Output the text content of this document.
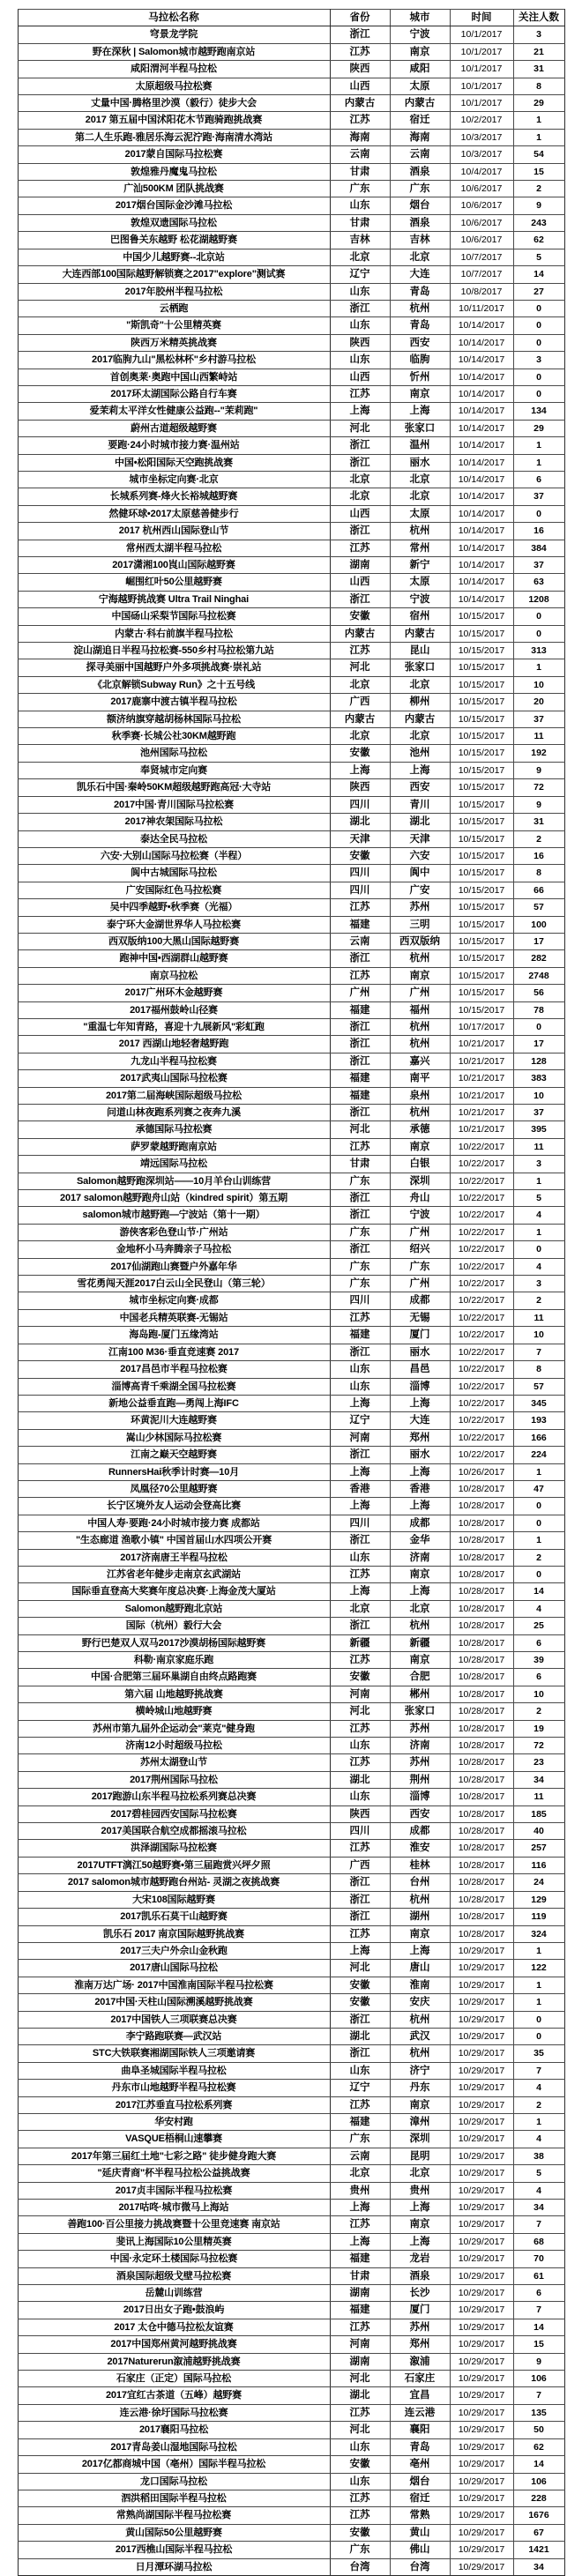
马拉松名称	省份	城市	时间	关注人数
穹景龙学院	浙江	宁波	10/1/2017	3
野在深秋 | Salomon城市越野跑南京站	江苏	南京	10/1/2017	21
咸阳渭河半程马拉松	陕西	咸阳	10/1/2017	31
太原超级马拉松赛	山西	太原	10/1/2017	8
丈量中国·腾格里沙漠（毅行）徒步大会	内蒙古	内蒙古	10/1/2017	29
2017 第五届中国沭阳花木节跑骑跑挑战赛	江苏	宿迁	10/2/2017	1
第二人生乐跑-雅居乐海云泥泞跑·海南清水湾站	海南	海南	10/3/2017	1
2017蒙自国际马拉松赛	云南	云南	10/3/2017	54
敦煌雅丹魔鬼马拉松	甘肃	酒泉	10/4/2017	15
广汕500KM 团队挑战赛	广东	广东	10/6/2017	2
2017烟台国际金沙滩马拉松	山东	烟台	10/6/2017	9
敦煌双遗国际马拉松	甘肃	酒泉	10/6/2017	243
巴图鲁关东越野 松花湖越野赛	吉林	吉林	10/6/2017	62
中国少儿越野赛--北京站	北京	北京	10/7/2017	5
大连西部100国际越野解锁赛之2017"explore"测试赛	辽宁	大连	10/7/2017	14
2017年胶州半程马拉松	山东	青岛	10/8/2017	27
云栖跑	浙江	杭州	10/11/2017	0
"斯凯奇"十公里精英赛	山东	青岛	10/14/2017	0
陕西万米精英挑战赛	陕西	西安	10/14/2017	0
2017临朐九山"黑松林杯"乡村游马拉松	山东	临朐	10/14/2017	3
首创奥莱·奥跑中国山西繁峙站	山西	忻州	10/14/2017	0
2017环太湖国际公路自行车赛	江苏	南京	10/14/2017	0
爱茉莉太平洋女性健康公益跑--"茉莉跑"	上海	上海	10/14/2017	134
蔚州古道超级越野赛	河北	张家口	10/14/2017	29
要跑·24小时城市接力赛·温州站	浙江	温州	10/14/2017	1
中国•松阳国际天空跑挑战赛	浙江	丽水	10/14/2017	1
城市坐标定向赛·北京	北京	北京	10/14/2017	6
长城系列赛-烽火长裕城越野赛	北京	北京	10/14/2017	37
然健环球•2017太原慈善健步行	山西	太原	10/14/2017	0
2017 杭州西山国际登山节	浙江	杭州	10/14/2017	16
常州西太湖半程马拉松	江苏	常州	10/14/2017	384
2017潇湘100崀山国际越野赛	湖南	新宁	10/14/2017	37
崛围红叶50公里越野赛	山西	太原	10/14/2017	63
宁海越野挑战赛 Ultra Trail Ninghai	浙江	宁波	10/14/2017	1208
中国砀山采梨节国际马拉松赛	安徽	宿州	10/15/2017	0
内蒙古·科右前旗半程马拉松	内蒙古	内蒙古	10/15/2017	0
淀山湖追日半程马拉松赛-550乡村马拉松第九站	江苏	昆山	10/15/2017	313
探寻美丽中国越野户外多项挑战赛·崇礼站	河北	张家口	10/15/2017	1
《北京解锁Subway Run》之十五号线	北京	北京	10/15/2017	10
2017鹿寨中渡古镇半程马拉松	广西	柳州	10/15/2017	20
额济纳旗穿越胡杨林国际马拉松	内蒙古	内蒙古	10/15/2017	37
秋季赛·长城公社30KM越野跑	北京	北京	10/15/2017	11
池州国际马拉松	安徽	池州	10/15/2017	192
奉贤城市定向赛	上海	上海	10/15/2017	9
凯乐石中国·秦岭50KM超级越野跑高冠·大寺站	陕西	西安	10/15/2017	72
2017中国·青川国际马拉松赛	四川	青川	10/15/2017	9
2017神农架国际马拉松	湖北	湖北	10/15/2017	31
泰达全民马拉松	天津	天津	10/15/2017	2
六安·大别山国际马拉松赛（半程）	安徽	六安	10/15/2017	16
阆中古城国际马拉松	四川	阆中	10/15/2017	8
广安国际红色马拉松赛	四川	广安	10/15/2017	66
吴中四季越野•秋季赛（光福）	江苏	苏州	10/15/2017	57
泰宁环大金湖世界华人马拉松赛	福建	三明	10/15/2017	100
西双版纳100大黑山国际越野赛	云南	西双版纳	10/15/2017	17
跑神中国•西湖群山越野赛	浙江	杭州	10/15/2017	282
南京马拉松	江苏	南京	10/15/2017	2748
2017广州环木金越野赛	广州	广州	10/15/2017	56
2017福州鼓岭山径赛	福建	福州	10/15/2017	78
"重温七年知青路，喜迎十九展新风"彩虹跑	浙江	杭州	10/17/2017	0
2017 西湖山地轻奢越野跑	浙江	杭州	10/21/2017	17
九龙山半程马拉松赛	浙江	嘉兴	10/21/2017	128
2017武夷山国际马拉松赛	福建	南平	10/21/2017	383
2017第二届海峡国际超级马拉松	福建	泉州	10/21/2017	10
问道山林夜跑系列赛之夜奔九溪	浙江	杭州	10/21/2017	37
承德国际马拉松赛	河北	承德	10/21/2017	395
萨罗蒙越野跑南京站	江苏	南京	10/22/2017	11
靖远国际马拉松	甘肃	白银	10/22/2017	3
Salomon越野跑深圳站——10月羊台山训练营	广东	深圳	10/22/2017	1
2017 salomon越野跑舟山站（kindred spirit）第五期	浙江	舟山	10/22/2017	5
salomon城市越野跑—宁波站（第十一期）	浙江	宁波	10/22/2017	4
游侠客彩色登山节·广州站	广东	广州	10/22/2017	1
金地杯小马奔腾亲子马拉松	浙江	绍兴	10/22/2017	0
2017仙湖跑山赛暨户外嘉年华	广东	广东	10/22/2017	4
雪花勇闯天涯2017白云山全民登山（第三轮）	广东	广州	10/22/2017	3
城市坐标定向赛·成都	四川	成都	10/22/2017	2
中国老兵精英联赛-无锡站	江苏	无锡	10/22/2017	11
海岛跑-厦门五缘湾站	福建	厦门	10/22/2017	10
江南100 M36·垂直竞速赛 2017	浙江	丽水	10/22/2017	7
2017昌邑市半程马拉松赛	山东	昌邑	10/22/2017	8
淄博高青千乘湖全国马拉松赛	山东	淄博	10/22/2017	57
新地公益垂直跑—勇闯上海IFC	上海	上海	10/22/2017	345
环黄泥川大连越野赛	辽宁	大连	10/22/2017	193
嵩山少林国际马拉松赛	河南	郑州	10/22/2017	166
江南之巅天空越野赛	浙江	丽水	10/22/2017	224
RunnersHai秋季计时赛—10月	上海	上海	10/26/2017	1
凤凰径70公里越野赛	香港	香港	10/28/2017	47
长宁区境外友人运动会登高比赛	上海	上海	10/28/2017	0
中国人寿·要跑·24小时城市接力赛 成都站	四川	成都	10/28/2017	0
"生态廊道 渔歌小镇" 中国首届山水四项公开赛	浙江	金华	10/28/2017	1
2017济南唐王半程马拉松	山东	济南	10/28/2017	2
江苏省老年健步走南京玄武湖站	江苏	南京	10/28/2017	0
国际垂直登高大奖赛年度总决赛·上海金茂大厦站	上海	上海	10/28/2017	14
Salomon越野跑北京站	北京	北京	10/28/2017	4
国际（杭州）毅行大会	浙江	杭州	10/28/2017	25
野行巴楚双人双马2017沙漠胡杨国际越野赛	新疆	新疆	10/28/2017	6
科勒·南京家庭乐跑	江苏	南京	10/28/2017	39
中国·合肥第三届环巢湖自由终点路跑赛	安徽	合肥	10/28/2017	6
第六届 山地越野挑战赛	河南	郴州	10/28/2017	10
横岭城山地越野赛	河北	张家口	10/28/2017	2
苏州市第九届外企运动会"莱克"健身跑	江苏	苏州	10/28/2017	19
济南12小时超级马拉松	山东	济南	10/28/2017	72
苏州太湖登山节	江苏	苏州	10/28/2017	23
2017荆州国际马拉松	湖北	荆州	10/28/2017	34
2017跑游山东半程马拉松系列赛总决赛	山东	淄博	10/28/2017	11
2017碧桂园西安国际马拉松赛	陕西	西安	10/28/2017	185
2017美国联合航空成都摇滚马拉松	四川	成都	10/28/2017	40
洪泽湖国际马拉松赛	江苏	淮安	10/28/2017	257
2017UTFT漓江50越野赛•第三届跑赏兴坪夕照	广西	桂林	10/28/2017	116
2017 salomon城市越野跑台州站- 灵湖之夜挑战赛	浙江	台州	10/28/2017	24
大宋108国际越野赛	浙江	杭州	10/28/2017	129
2017凯乐石莫干山越野赛	浙江	湖州	10/28/2017	119
凯乐石 2017 南京国际越野挑战赛	江苏	南京	10/28/2017	324
2017三夫户外佘山金秋跑	上海	上海	10/29/2017	1
2017唐山国际马拉松	河北	唐山	10/29/2017	122
淮南万达广场· 2017中国淮南国际半程马拉松赛	安徽	淮南	10/29/2017	1
2017中国·天柱山国际溯溪越野挑战赛	安徽	安庆	10/29/2017	1
2017中国铁人三项联赛总决赛	浙江	杭州	10/29/2017	0
李宁路跑联赛—武汉站	湖北	武汉	10/29/2017	0
STC大铁联赛湘湖国际铁人三项邀请赛	浙江	杭州	10/29/2017	35
曲阜圣城国际半程马拉松	山东	济宁	10/29/2017	7
丹东市山地越野半程马拉松赛	辽宁	丹东	10/29/2017	4
2017江苏垂直马拉松系列赛	江苏	南京	10/29/2017	2
华安村跑	福建	漳州	10/29/2017	1
VASQUE梧桐山速攀赛	广东	深圳	10/29/2017	4
2017年第三届红土地"七彩之路" 徒步健身跑大赛	云南	昆明	10/29/2017	38
"延庆青商"杯半程马拉松公益挑战赛	北京	北京	10/29/2017	5
2017贞丰国际半程马拉松赛	贵州	贵州	10/29/2017	4
2017咕咚·城市微马上海站	上海	上海	10/29/2017	34
善跑100·百公里接力挑战赛暨十公里竞速赛 南京站	江苏	南京	10/29/2017	7
斐讯上海国际10公里精英赛	上海	上海	10/29/2017	68
中国·永定环土楼国际马拉松赛	福建	龙岩	10/29/2017	70
酒泉国际超级戈壁马拉松赛	甘肃	酒泉	10/29/2017	61
岳麓山训练营	湖南	长沙	10/29/2017	6
2017日出女子跑•鼓浪屿	福建	厦门	10/29/2017	7
2017 太仓中德马拉松友谊赛	江苏	苏州	10/29/2017	14
2017中国郑州黄河越野挑战赛	河南	郑州	10/29/2017	15
2017Naturerun溆浦越野挑战赛	湖南	溆浦	10/29/2017	9
石家庄（正定）国际马拉松	河北	石家庄	10/29/2017	106
2017宜红古茶道（五峰）越野赛	湖北	宜昌	10/29/2017	7
连云港·徐圩国际马拉松赛	江苏	连云港	10/29/2017	135
2017襄阳马拉松	河北	襄阳	10/29/2017	50
2017青岛姜山湿地国际马拉松	山东	青岛	10/29/2017	62
2017亿都商城中国（亳州）国际半程马拉松	安徽	亳州	10/29/2017	14
龙口国际马拉松	山东	烟台	10/29/2017	106
泗洪稻田国际半程马拉松	江苏	宿迁	10/29/2017	228
常熟尚湖国际半程马拉松赛	江苏	常熟	10/29/2017	1676
黄山国际50公里越野赛	安徽	黄山	10/29/2017	67
2017西樵山国际半程马拉松	广东	佛山	10/29/2017	1421
日月潭环湖马拉松	台湾	台湾	10/29/2017	34
